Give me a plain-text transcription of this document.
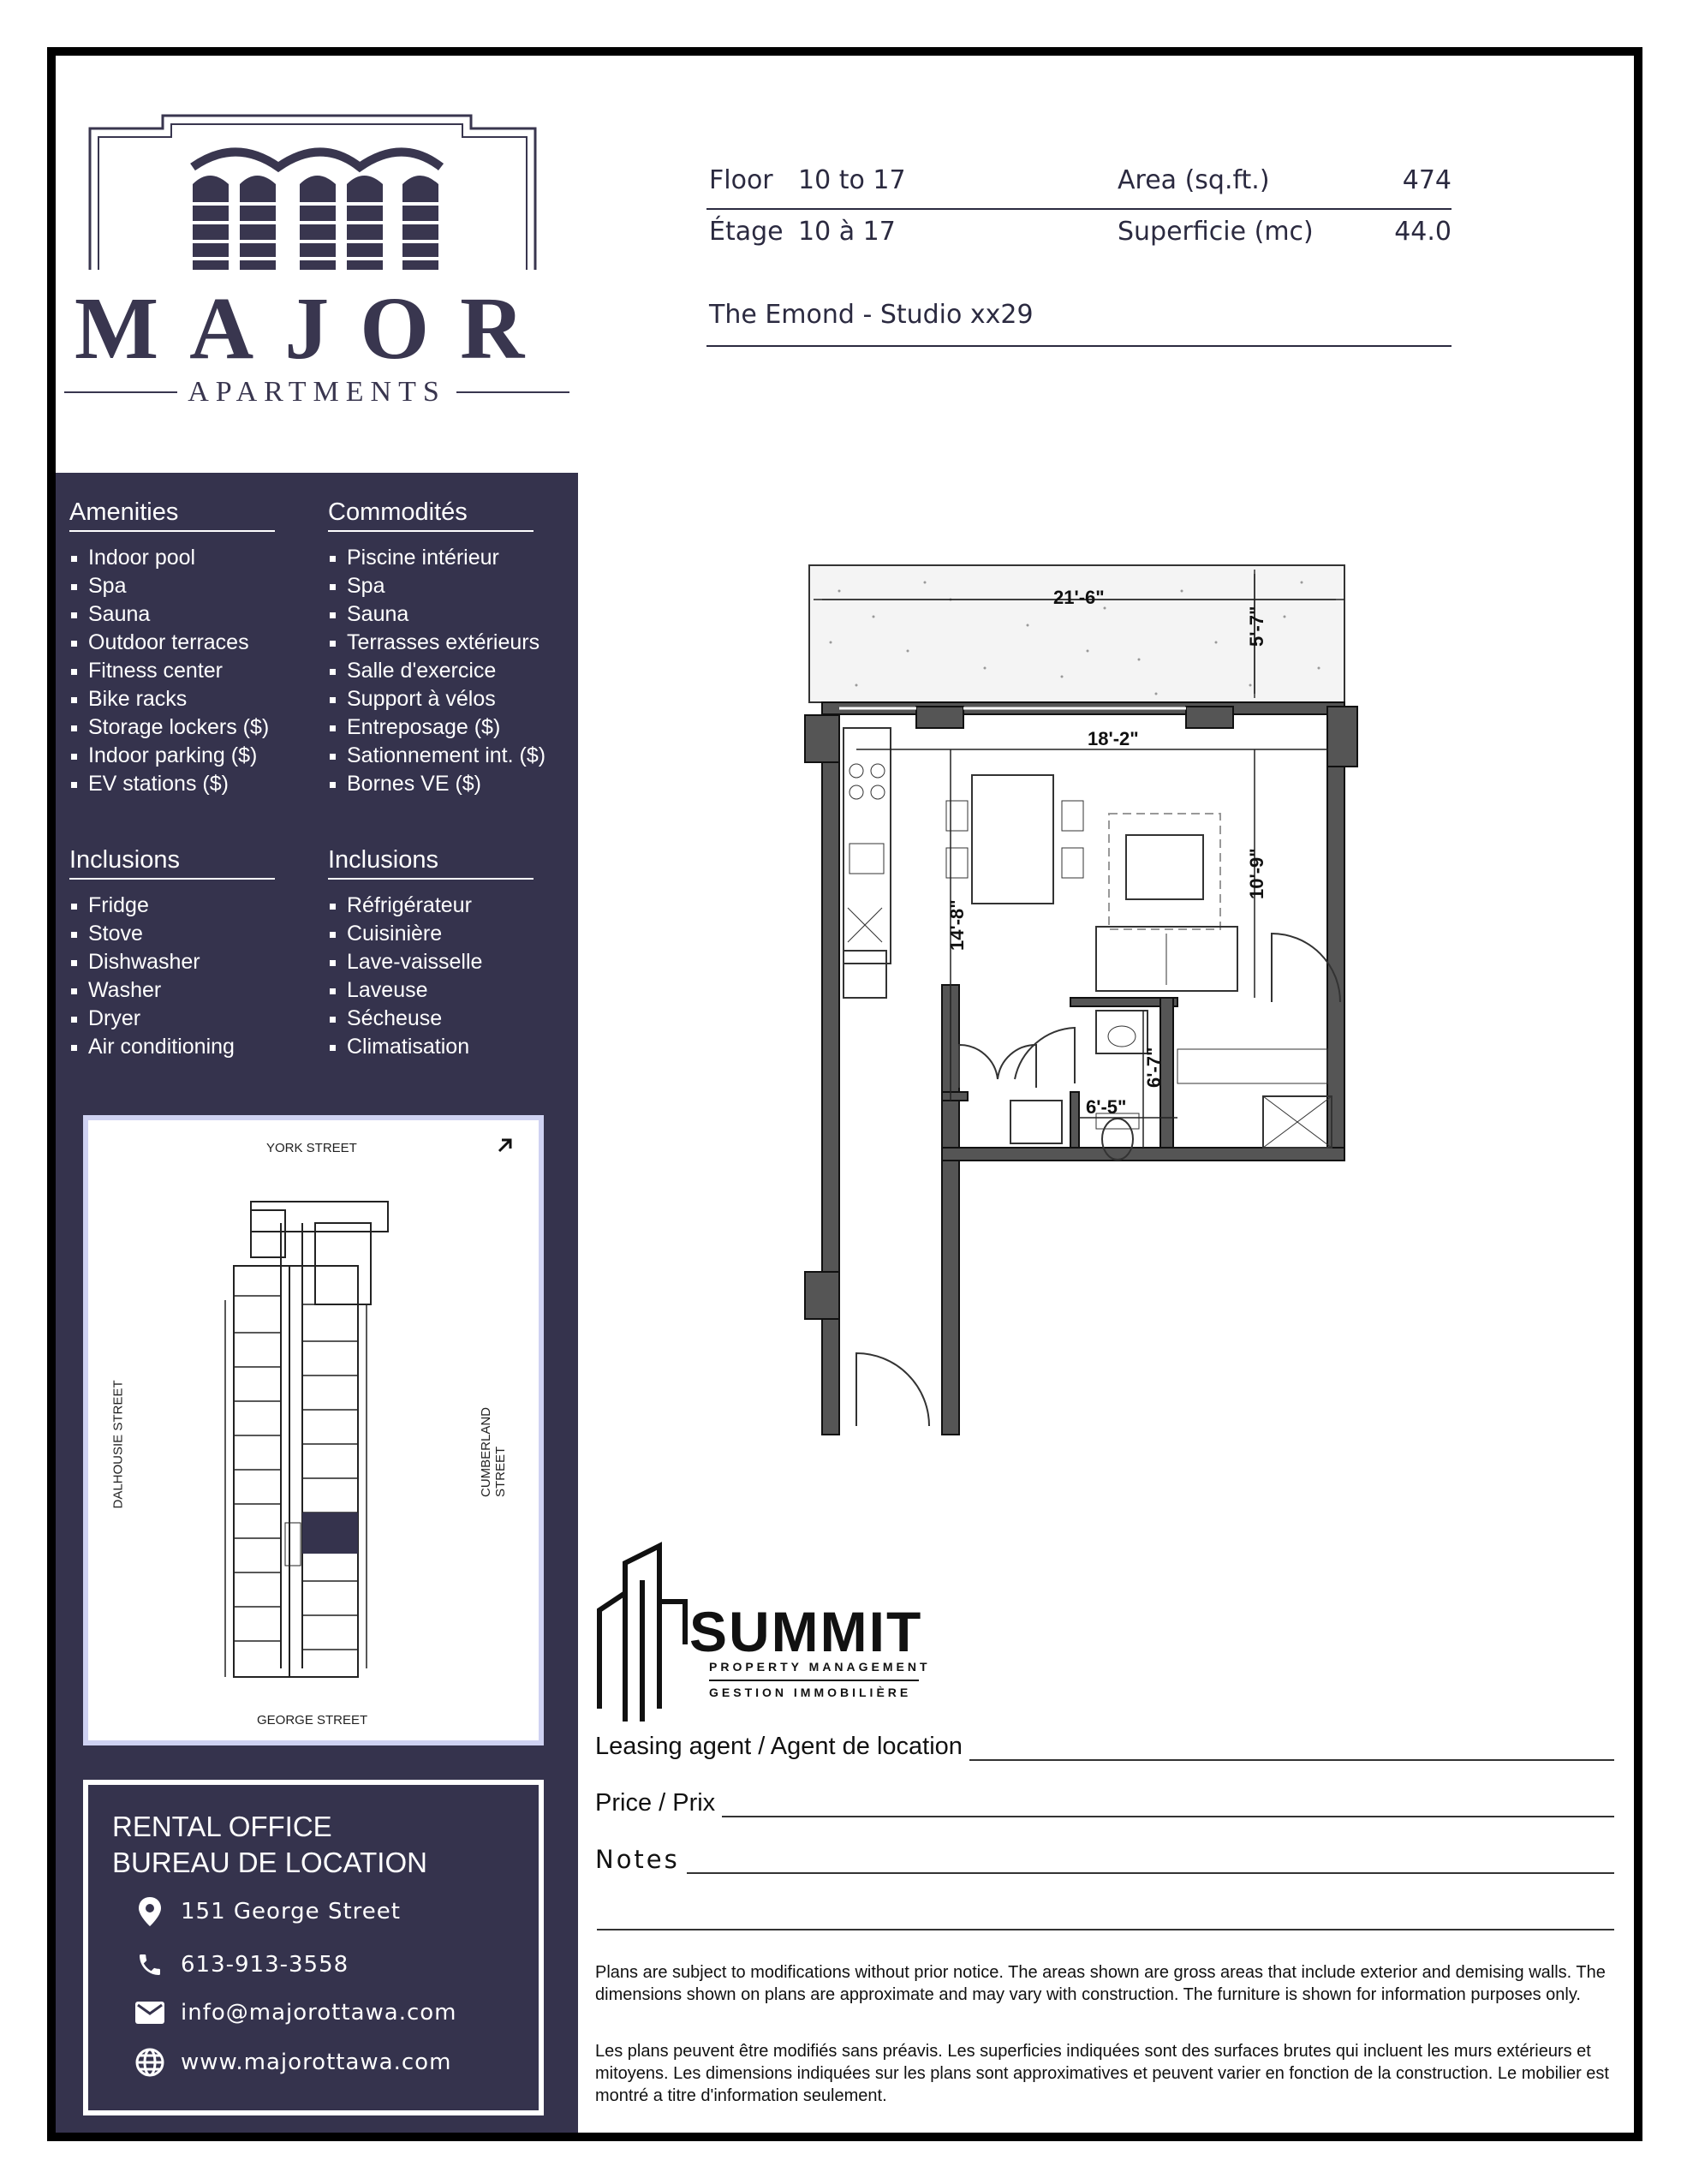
MAJOR
APARTMENTS
Floor 10 to 17	Area (sq.ft.)	474
Étage 10 à 17	Superficie (mc)	44.0
The Emond - Studio xx29
Amenities
Indoor pool
Spa
Sauna
Outdoor terraces
Fitness center
Bike racks
Storage lockers ($)
Indoor parking ($)
EV stations ($)
Commodités
Piscine intérieur
Spa
Sauna
Terrasses extérieurs
Salle d'exercice
Support à vélos
Entreposage ($)
Sationnement int. ($)
Bornes VE ($)
Inclusions
Fridge
Stove
Dishwasher
Washer
Dryer
Air conditioning
Inclusions
Réfrigérateur
Cuisinière
Lave-vaisselle
Laveuse
Sécheuse
Climatisation
YORK STREET
GEORGE STREET
DALHOUSIE STREET	CUMBERLAND STREET
RENTAL OFFICE
BUREAU DE LOCATION
151 George Street
613-913-3558
info@majorottawa.com
www.majorottawa.com
21'-6"
5'-7"
18'-2"
10'-9"
14'-8"
6'-7"
6'-5"
SUMMIT
PROPERTY MANAGEMENT
GESTION IMMOBILIÈRE
Leasing agent / Agent de location
Price / Prix
Notes
Plans are subject to modifications without prior notice. The areas shown are gross areas that include exterior and demising walls. The dimensions shown on plans are approximate and may vary with construction. The furniture is shown for information purposes only.
Les plans peuvent être modifiés sans préavis. Les superficies indiquées sont des surfaces brutes qui incluent les murs extérieurs et mitoyens. Les dimensions indiquées sur les plans sont approximatives et peuvent varier en fonction de la construction. Le mobilier est montré a titre d'information seulement.
